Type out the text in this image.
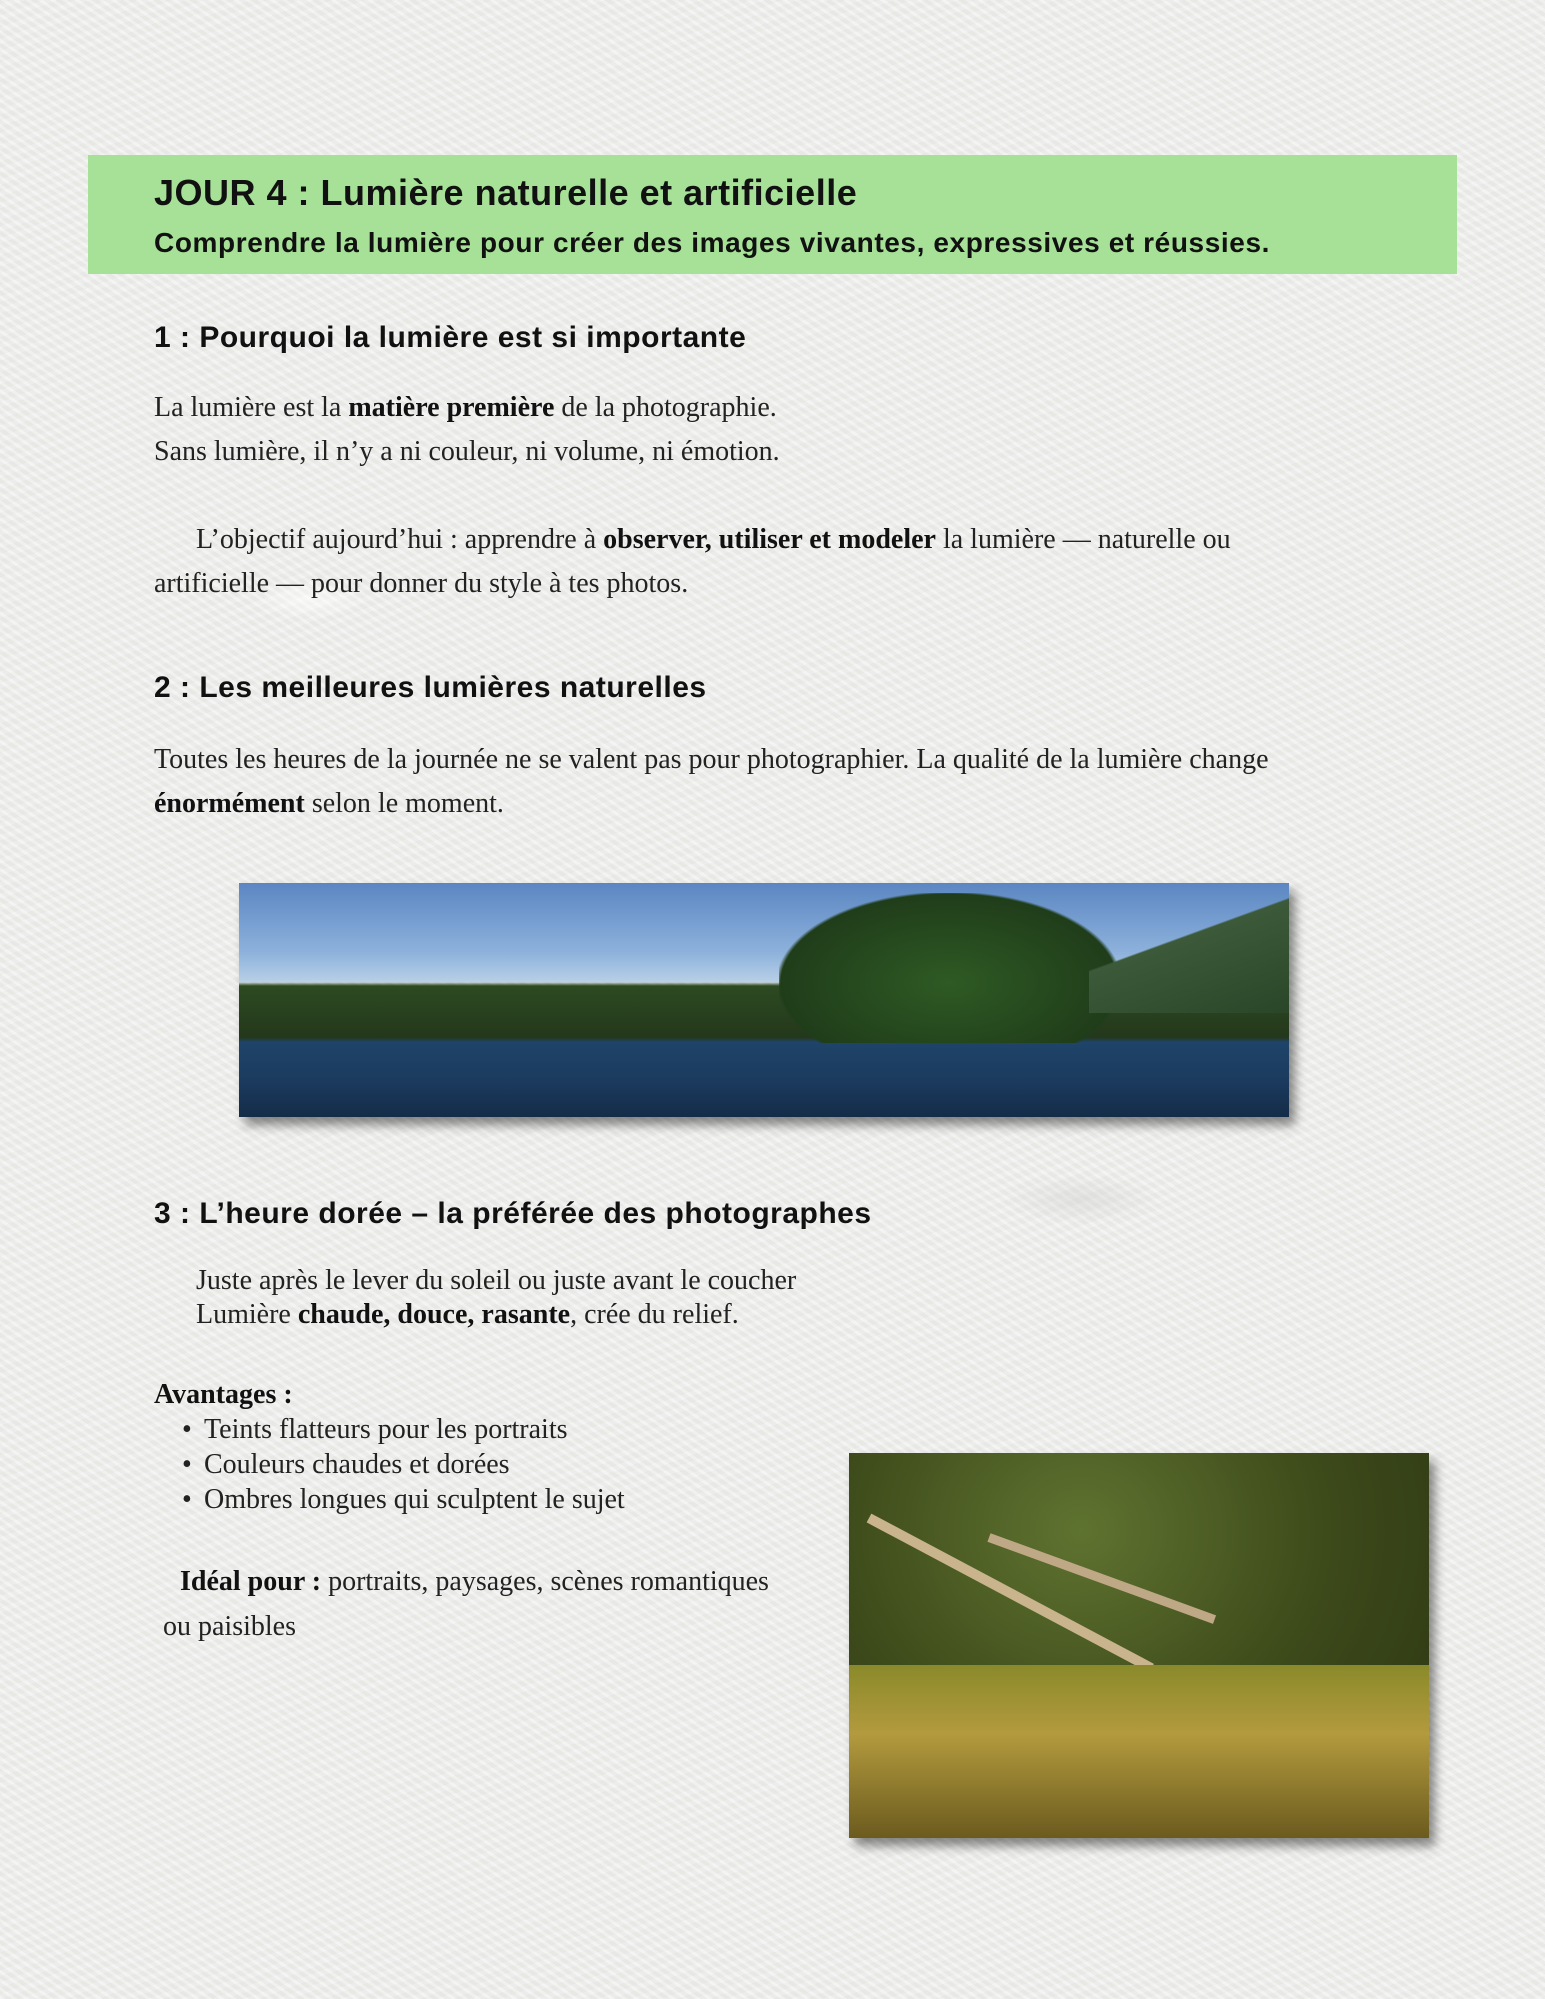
JOUR 4 : Lumière naturelle et artificielle
Comprendre la lumière pour créer des images vivantes, expressives et réussies.
1 : Pourquoi la lumière est si importante
La lumière est la matière première de la photographie.
Sans lumière, il n’y a ni couleur, ni volume, ni émotion.
L’objectif aujourd’hui : apprendre à observer, utiliser et modeler la lumière — naturelle ou
artificielle — pour donner du style à tes photos.
2 : Les meilleures lumières naturelles
Toutes les heures de la journée ne se valent pas pour photographier. La qualité de la lumière change
énormément selon le moment.
3 : L’heure dorée – la préférée des photographes
Juste après le lever du soleil ou juste avant le coucher
Lumière chaude, douce, rasante, crée du relief.
Avantages :
• Teints flatteurs pour les portraits
• Couleurs chaudes et dorées
• Ombres longues qui sculptent le sujet
Idéal pour : portraits, paysages, scènes romantiques
ou paisibles
